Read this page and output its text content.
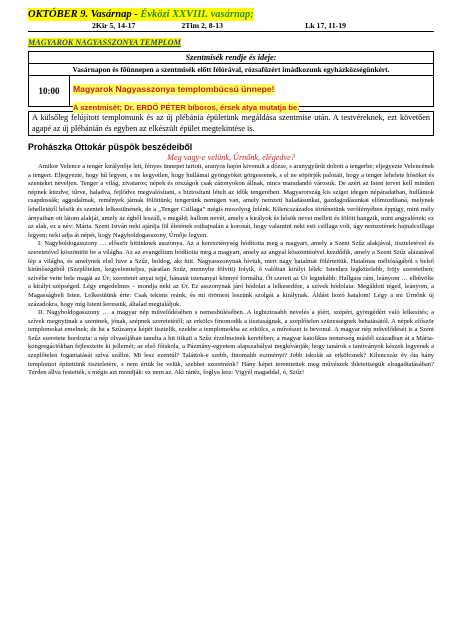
OKTÓBER 9. Vasárnap - Évközi XXVIII. vasárnap;
2Kir 5, 14-17	2Tim 2, 8-13	Lk 17, 11-19
MAGYAROK NAGYASSZONYA TEMPLOM
Szentmisék rendje és ideje:
Vasárnapon és főünnepen a szentmisék előtt félórával, rózsafüzért imádkozunk egyházközségünkért.
10:00	Magyarok Nagyasszonya templombúcsú ünnepe!
A szentmisét; Dr. ERDŐ PÉTER bíboros, érsek atya mutatja be.
A külsőleg felújított templomunk és az új plébánia épületünk megáldása szentmise után. A testvéreknek, ezt követően agapé az új plébánián és egyben az elkészült épület megtekintése is.
Prohászka Ottokár püspök beszédeiből
Meg vagy-e velünk, Úrnőnk, elégedve?

Amikor Velence a tenger királynője lett, fényes ünnepet tartott, aranyos hajón kivonult a dózse, s aranygyűrűt dobott a tengerbe; eljegyezte Velencének a tengert. Eljegyezte, hogy hű legyen, s ne kegyetlen, hogy hullámai gyöngyöket görgessenek, s el ne söpörjék palotáit, hogy a tenger lehelete hősöket és szenteket neveljen. Tenger a világ, zivataros; népek és országok csak zátonyokon állnak, nincs maradandó városuk. De azért az Isten tervet kell minden népnek küzdve, tűrve, haladva, fejlődve megvalósítani, s biztosítani lételt az idők tengerében. Magyarország kis sziget idegen népáradatban, hullámok csapdossák; aggodalmak, remények járnak fölöttünk; tengerünk nemigen van, amely nemzeti haladásunkat, gazdagodásunkat előmozdítaná, melynek lehelletétől hősök és szentek lelkesülnének, de a „Tenger Csillaga” mégis mosolyog felénk. Kilencszázados történetünk verőfényében éppúgy, mint mély árnyaiban ott látom alakját, amely az égből leszáll, s megáld; hallom nevét, amely a királyok és hősök nevei mellett és fölött hangzik, mint angyalének; ez az alak, ez a név: Mária. Szent István neki ajánlja föl életének esthajnalán a koronát, hogy valamint neki esti csillaga volt, úgy nemzetének hajnalcsillaga legyen; neki adja át népét, hogy Nagyboldogasszony, Úrnője legyen.

I. Nagyboldogasszony … először hitünknek asszonya. Az a kereszténység hódította meg a magyart, amely a Szent Szűz alakjával, tiszteletével és szeretetével köszöntött be a világba. Az az evangélium hódította meg a magyart, amely az angyal köszöntésével kezdődik, amely a Szent Szűz alázatával lép a világba, és amelynek első hive a Szűz, boldog, aki hitt. Nagyasszonynak hívtuk, mert nagy hatalmát fölértettük. Hatalmas méltóságából s belső kitűnőségéből (Szeplőtelen, kegyelemteljes, páratlan Szűz, mennybe fölvitt) folyik, ő valóban királyi lélek: Istenhez legközelebb, fröjy szeretetben; szívébe vette bele magát az Úr; szeretetét anyai tejjé, bánatát istenanyai könnyé formálta. Őt szereti az Úr leginkább: Hallgass rám, leányom … elbűvölte a királyt szépséged. Légy engedelmes – mondja neki az Úr. Ez asszonynak járó hódolat a lelkesedése, a szívek hódolata: Megáldott téged, leányom, a Magasságbeli Isten. Lelkesülünk érte: Csak tekints reánk, és mi örömest leszünk szolgái a királynak. Áldást hozó hatalom! Légy a mi Úrnőnk új századokra, hogy míg Istent keressük, általad megtaláljuk.

II. Nagyboldogasszony … a magyar nép művelődésében s nemesbülésében. A legbiztosabb nevelés a jóért, szépért, gyöngédért való lelkesítés; a szívek megnyitnak a szentnek, jónak, szépnek szeretetétől; az erkölcs finomodik a tisztaságnak, a szeplőtelen szüzességnek behatásától. A népek először templomokat emelnek; de ha a Szűzanya képét tisztelik, ezekbe a templomokba az erkölcs, a művészet is bevonul. A magyar nép művelődését is a Szent Szűz szeretete hordozta: a nép olvasójában tanulta a hit titkait a Szűz érzelmeinek keretében; a magyar katolikus nemesség másfél században át a Mária-kongregációkban fejlesztette ki jellemét; az első főiskola, a Pázmány-egyetem alapszabályai megkívánják, hogy tanárok s tanítványok készek legyenek a szeplőtelen fogantatását szíva szállni. Mi lesz ezentúl? Taláttok-e szebb, finomabb eszményt? Jobb iskolát az erkölcsnek? Kilencszáz év óta hány templomot építettünk tiszteletére, s nem értük be velük, szebbet szeretnénk? Hány képet teremtettek meg művészek ihletettségük elragadtatásában? Térden állva festették, s mégis azt mondják: ez nem az. Aki ránéz, foglya lesz: Vigyél magaddal, ó, Szűz!
